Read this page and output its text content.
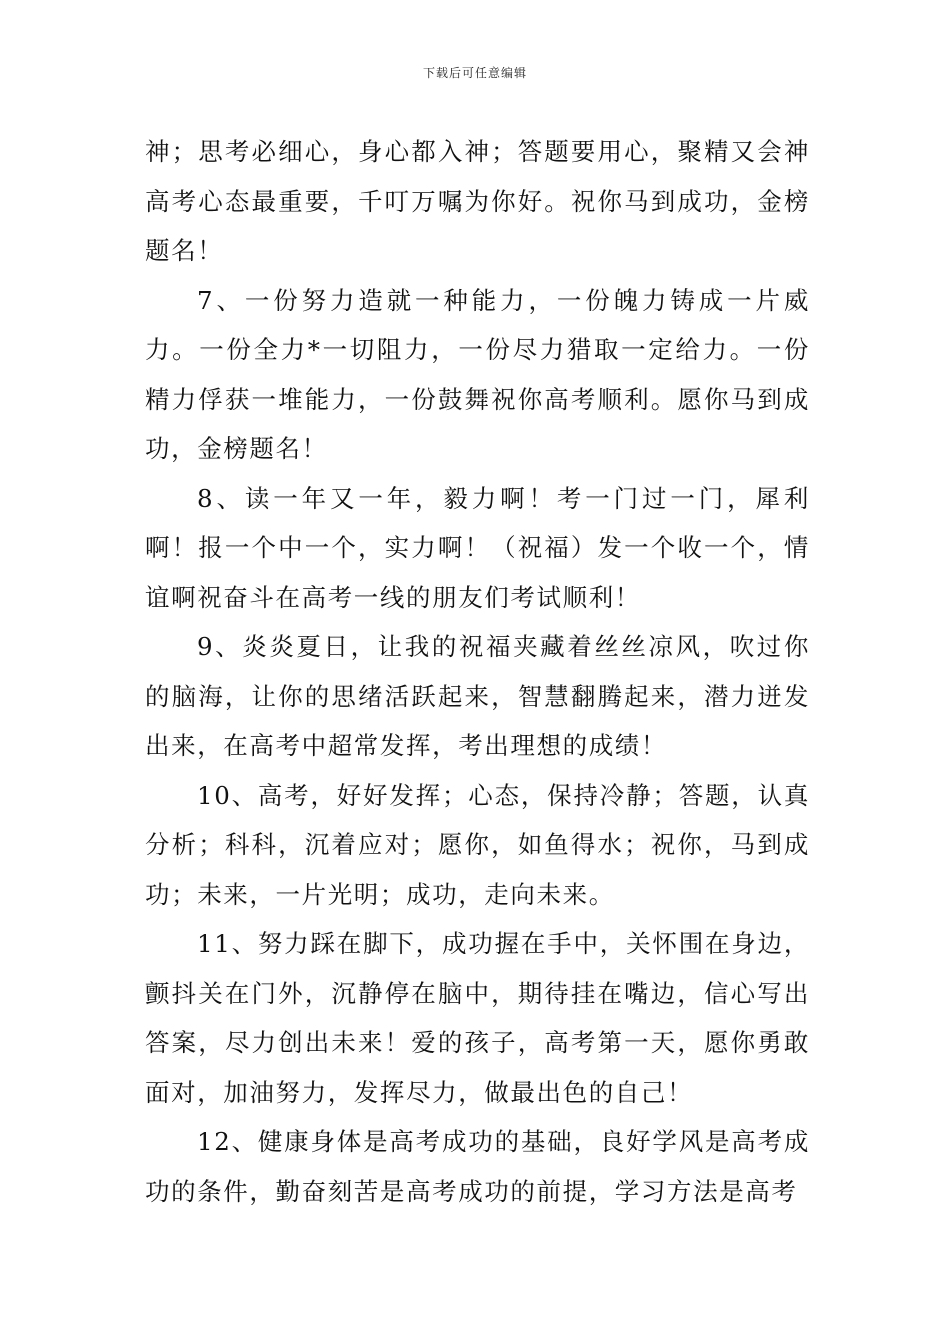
下载后可任意编辑

神；思考必细心，身心都入神；答题要用心，聚精又会神高考心态最重要，千叮万嘱为你好。祝你马到成功，金榜题名！

7、一份努力造就一种能力，一份魄力铸成一片威力。一份全力*一切阻力，一份尽力猎取一定给力。一份精力俘获一堆能力，一份鼓舞祝你高考顺利。愿你马到成功，金榜题名！

8、读一年又一年，毅力啊！考一门过一门，犀利啊！报一个中一个，实力啊！（祝福）发一个收一个，情谊啊祝奋斗在高考一线的朋友们考试顺利！

9、炎炎夏日，让我的祝福夹藏着丝丝凉风，吹过你的脑海，让你的思绪活跃起来，智慧翻腾起来，潜力迸发出来，在高考中超常发挥，考出理想的成绩！

10、高考，好好发挥；心态，保持冷静；答题，认真分析；科科，沉着应对；愿你，如鱼得水；祝你，马到成功；未来，一片光明；成功，走向未来。

11、努力踩在脚下，成功握在手中，关怀围在身边，颤抖关在门外，沉静停在脑中，期待挂在嘴边，信心写出答案，尽力创出未来！爱的孩子，高考第一天，愿你勇敢面对，加油努力，发挥尽力，做最出色的自己！

12、健康身体是高考成功的基础，良好学风是高考成功的条件，勤奋刻苦是高考成功的前提，学习方法是高考
